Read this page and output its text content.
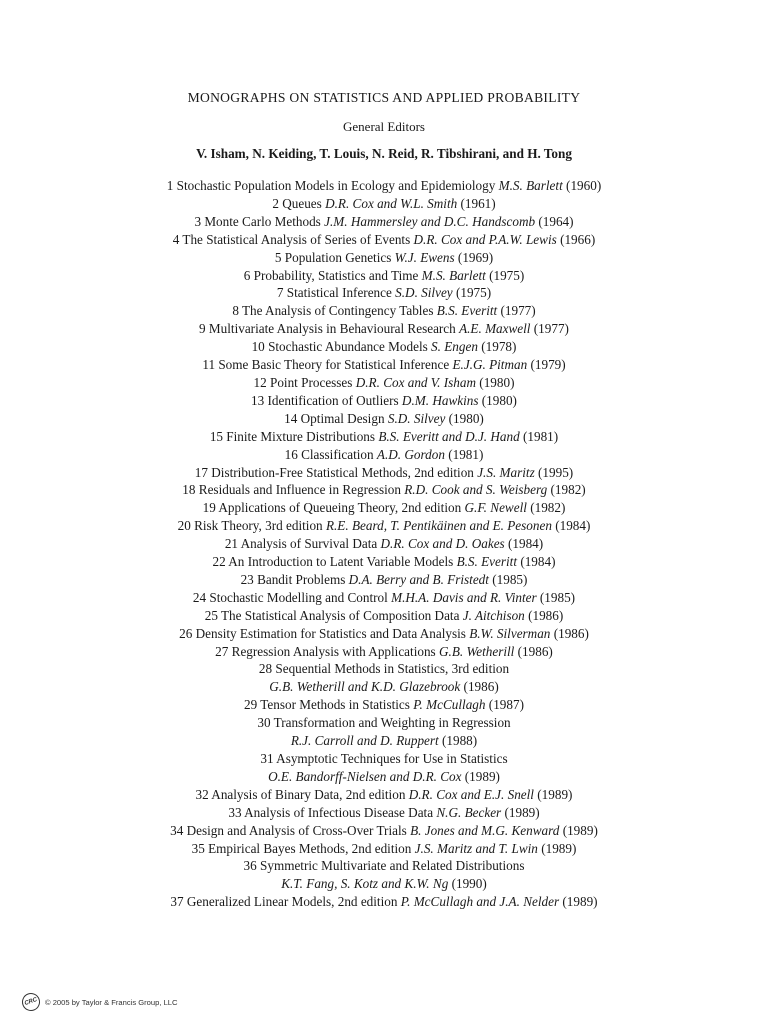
MONOGRAPHS ON STATISTICS AND APPLIED PROBABILITY

General Editors

V. Isham, N. Keiding, T. Louis, N. Reid, R. Tibshirani, and H. Tong

1 Stochastic Population Models in Ecology and Epidemiology M.S. Barlett (1960)
2 Queues D.R. Cox and W.L. Smith (1961)
3 Monte Carlo Methods J.M. Hammersley and D.C. Handscomb (1964)
4 The Statistical Analysis of Series of Events D.R. Cox and P.A.W. Lewis (1966)
5 Population Genetics W.J. Ewens (1969)
6 Probability, Statistics and Time M.S. Barlett (1975)
7 Statistical Inference S.D. Silvey (1975)
8 The Analysis of Contingency Tables B.S. Everitt (1977)
9 Multivariate Analysis in Behavioural Research A.E. Maxwell (1977)
10 Stochastic Abundance Models S. Engen (1978)
11 Some Basic Theory for Statistical Inference E.J.G. Pitman (1979)
12 Point Processes D.R. Cox and V. Isham (1980)
13 Identification of Outliers D.M. Hawkins (1980)
14 Optimal Design S.D. Silvey (1980)
15 Finite Mixture Distributions B.S. Everitt and D.J. Hand (1981)
16 Classification A.D. Gordon (1981)
17 Distribution-Free Statistical Methods, 2nd edition J.S. Maritz (1995)
18 Residuals and Influence in Regression R.D. Cook and S. Weisberg (1982)
19 Applications of Queueing Theory, 2nd edition G.F. Newell (1982)
20 Risk Theory, 3rd edition R.E. Beard, T. Pentikäinen and E. Pesonen (1984)
21 Analysis of Survival Data D.R. Cox and D. Oakes (1984)
22 An Introduction to Latent Variable Models B.S. Everitt (1984)
23 Bandit Problems D.A. Berry and B. Fristedt (1985)
24 Stochastic Modelling and Control M.H.A. Davis and R. Vinter (1985)
25 The Statistical Analysis of Composition Data J. Aitchison (1986)
26 Density Estimation for Statistics and Data Analysis B.W. Silverman (1986)
27 Regression Analysis with Applications G.B. Wetherill (1986)
28 Sequential Methods in Statistics, 3rd edition
G.B. Wetherill and K.D. Glazebrook (1986)
29 Tensor Methods in Statistics P. McCullagh (1987)
30 Transformation and Weighting in Regression
R.J. Carroll and D. Ruppert (1988)
31 Asymptotic Techniques for Use in Statistics
O.E. Bandorff-Nielsen and D.R. Cox (1989)
32 Analysis of Binary Data, 2nd edition D.R. Cox and E.J. Snell (1989)
33 Analysis of Infectious Disease Data N.G. Becker (1989)
34 Design and Analysis of Cross-Over Trials B. Jones and M.G. Kenward (1989)
35 Empirical Bayes Methods, 2nd edition J.S. Maritz and T. Lwin (1989)
36 Symmetric Multivariate and Related Distributions
K.T. Fang, S. Kotz and K.W. Ng (1990)
37 Generalized Linear Models, 2nd edition P. McCullagh and J.A. Nelder (1989)
CRC © 2005 by Taylor & Francis Group, LLC
